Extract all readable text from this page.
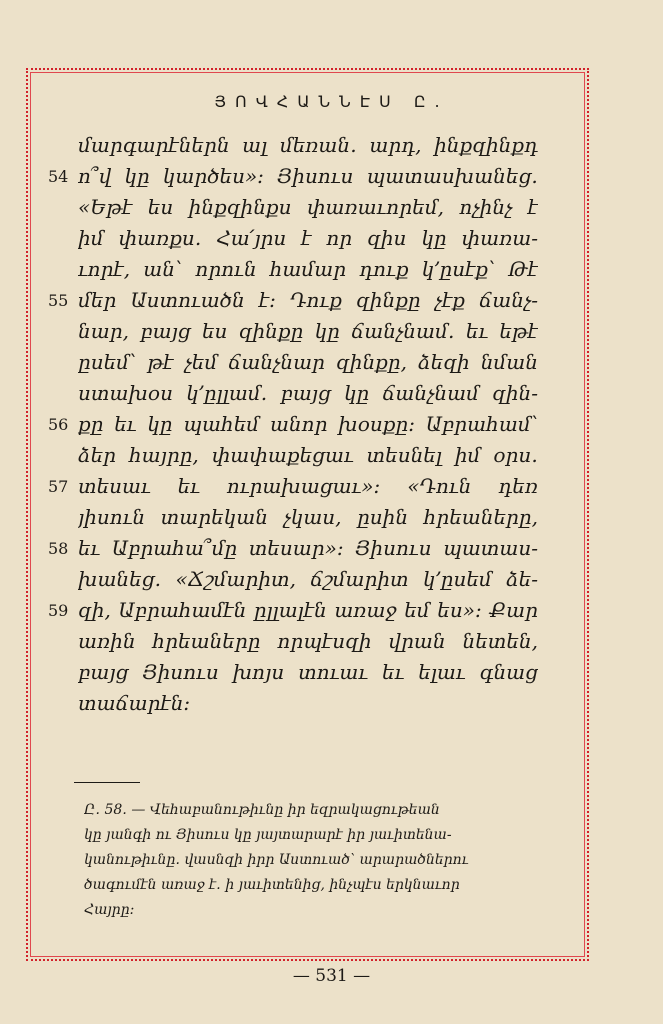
ՅՈՎՀԱՆՆԷՍ Ը.
54
55
56
57
58
59
մարգարէներն ալ մեռան․ արդ, ինքզինքդ
ո՞վ կը կարծես»: Յիսուս պատասխանեց․
«Եթէ ես ինքզինքս փառաւորեմ, ոչինչ է
իմ փառքս․ Հա՛յրս է որ զիս կը փառա-
ւորէ, ան՝ որուն համար դուք կ՚ըսէք՝ Թէ
մեր Աստուածն է: Դուք զինքը չէք ճանչ-
նար, բայց ես զինքը կը ճանչնամ․ եւ եթէ
ըսեմ՝ թէ չեմ ճանչնար զինքը, ձեզի նման
ստախօս կ՚ըլլամ․ բայց կը ճանչնամ զին-
քը եւ կը պահեմ անոր խօսքը: Աբրահամ՝
ձեր հայրը, փափաքեցաւ տեսնել իմ օրս․
տեսաւ եւ ուրախացաւ»: «Դուն դեռ
յիսուն տարեկան չկաս, ըսին հրեաները,
եւ Աբրահա՞մը տեսար»: Յիսուս պատաս-
խանեց․ «Ճշմարիտ, ճշմարիտ կ՚ըսեմ ձե-
զի, Աբրահամէն ըլլալէն առաջ եմ ես»: Քար
առին հրեաները որպէսզի վրան նետեն,
բայց Յիսուս խոյս տուաւ եւ ելաւ գնաց
տաճարէն:
Ը․ 58․ — Վեհաբանութիւնը իր եզրակացութեան
կը յանգի ու Յիսուս կը յայտարարէ իր յաւիտենա-
կանութիւնը․ վասնզի իրր Աստուած՝ արարածներու
ծագումէն առաջ է․ ի յաւիտենից, ինչպէս երկնաւոր
Հայրը:
— 531 —
